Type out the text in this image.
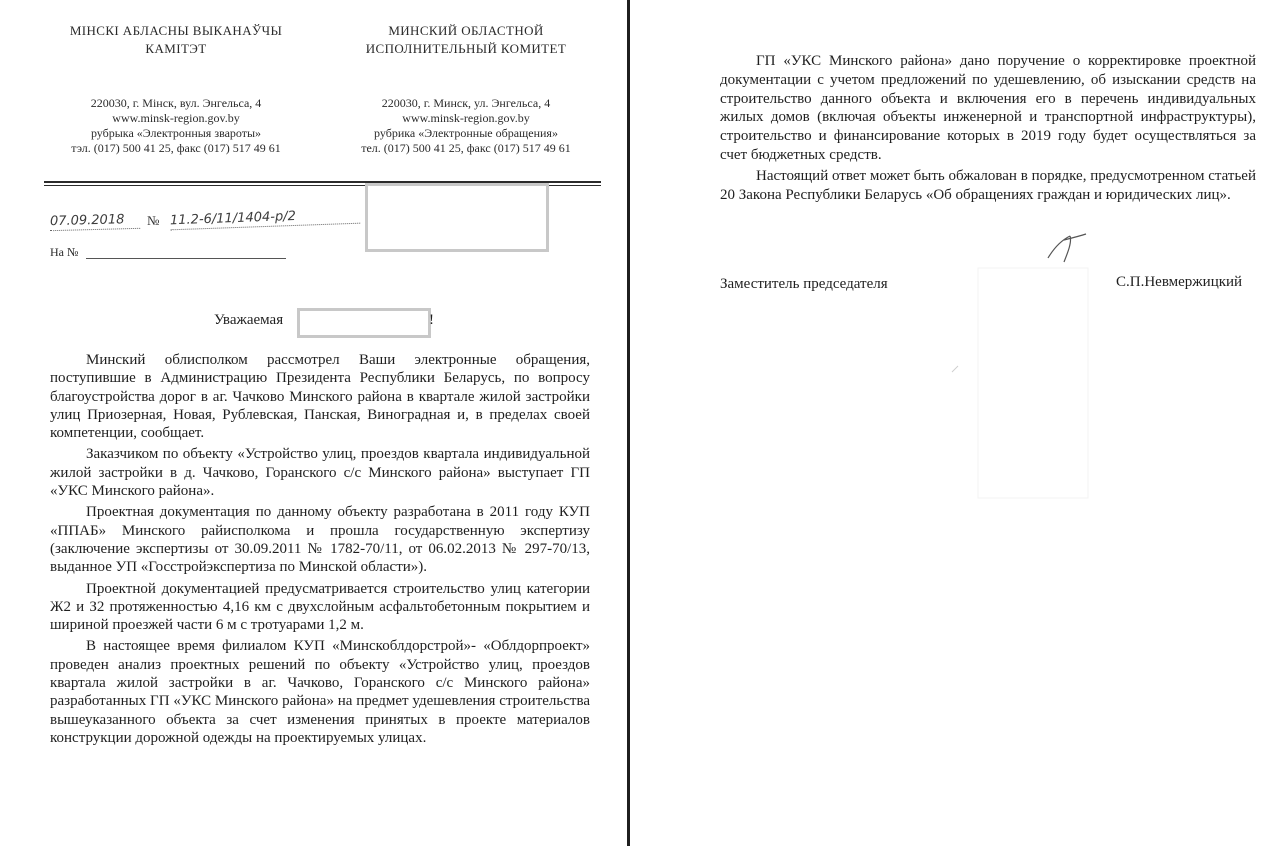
МІНСКІ АБЛАСНЫ ВЫКАНАЎЧЫ
КАМІТЭТ
МИНСКИЙ ОБЛАСТНОЙ
ИСПОЛНИТЕЛЬНЫЙ КОМИТЕТ
220030, г. Мінск, вул. Энгельса, 4
www.minsk-region.gov.by
рубрыка «Электронныя звароты»
тэл. (017) 500 41 25, факс (017) 517 49 61
220030, г. Минск, ул. Энгельса, 4
www.minsk-region.gov.by
рубрика «Электронные обращения»
тел. (017) 500 41 25, факс (017) 517 49 61
07.09.2018	№ 11.2-6/11/1404-р/2
На №
Уважаемая	!

Минский облисполком рассмотрел Ваши электронные обращения, поступившие в Администрацию Президента Республики Беларусь, по вопросу благоустройства дорог в аг. Чачково Минского района в квартале жилой застройки улиц Приозерная, Новая, Рублевская, Панская, Виноградная и, в пределах своей компетенции, сообщает.

Заказчиком по объекту «Устройство улиц, проездов квартала индивидуальной жилой застройки в д. Чачково, Горанского с/с Минского района» выступает ГП «УКС Минского района».

Проектная документация по данному объекту разработана в 2011 году КУП «ППАБ» Минского райисполкома и прошла государственную экспертизу (заключение экспертизы от 30.09.2011 № 1782-70/11, от 06.02.2013 № 297-70/13, выданное УП «Госстройэкспертиза по Минской области»).

Проектной документацией предусматривается строительство улиц категории Ж2 и З2 протяженностью 4,16 км с двухслойным асфальтобетонным покрытием и шириной проезжей части 6 м с тротуарами 1,2 м.

В настоящее время филиалом КУП «Минскоблдорстрой»- «Облдорпроект» проведен анализ проектных решений по объекту «Устройство улиц, проездов квартала жилой застройки в аг. Чачково, Горанского с/с Минского района» разработанных ГП «УКС Минского района» на предмет удешевления строительства вышеуказанного объекта за счет изменения принятых в проекте материалов конструкции дорожной одежды на проектируемых улицах.

ГП «УКС Минского района» дано поручение о корректировке проектной документации с учетом предложений по удешевлению, об изыскании средств на строительство данного объекта и включения его в перечень индивидуальных жилых домов (включая объекты инженерной и транспортной инфраструктуры), строительство и финансирование которых в 2019 году будет осуществляться за счет бюджетных средств.

Настоящий ответ может быть обжалован в порядке, предусмотренном статьей 20 Закона Республики Беларусь «Об обращениях граждан и юридических лиц».

Заместитель председателя	С.П.Невмержицкий
